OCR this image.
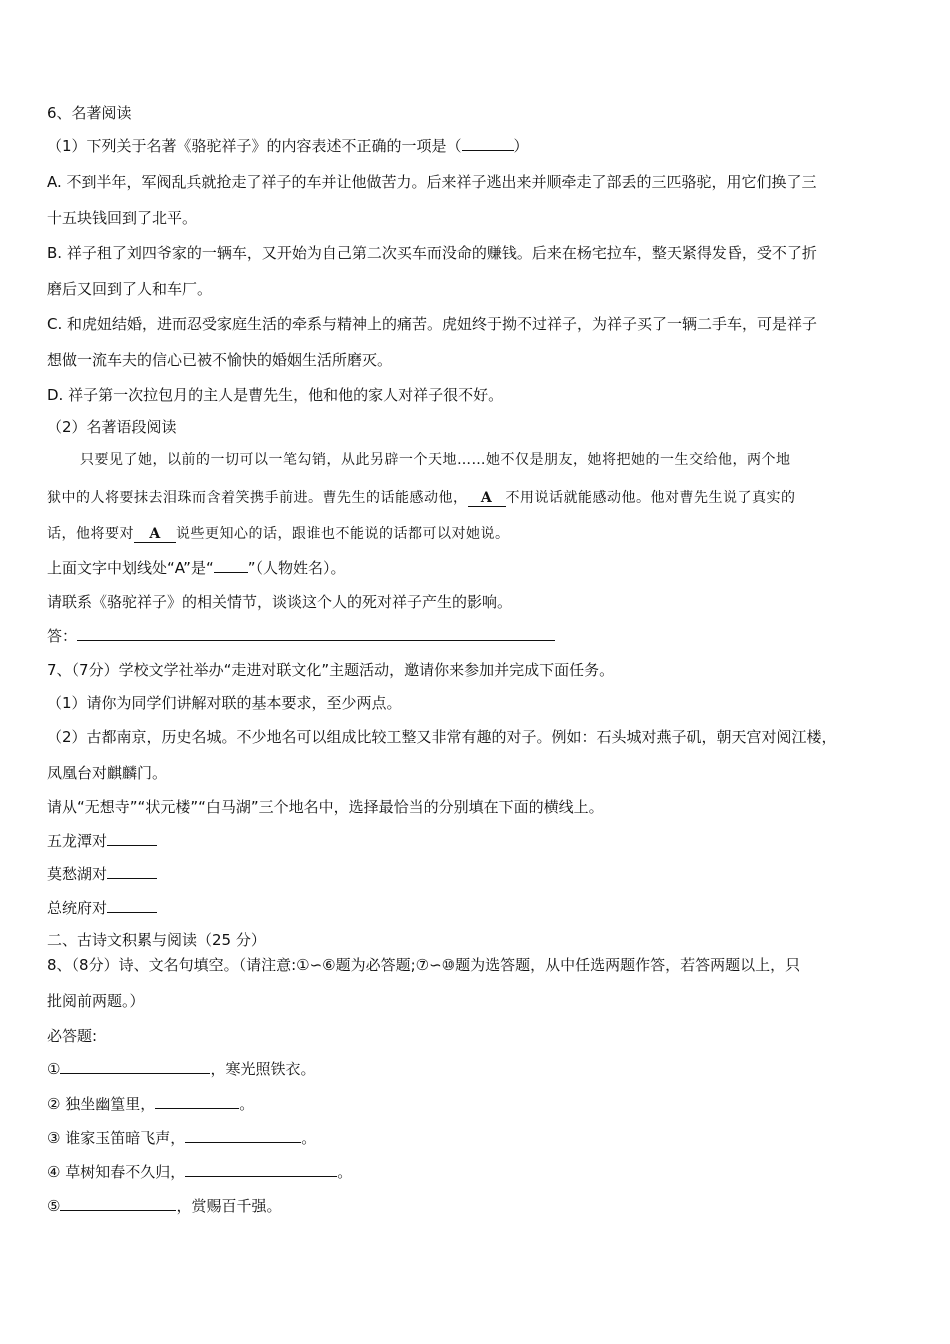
6、名著阅读
（1）下列关于名著《骆驼祥子》的内容表述不正确的一项是（	）
A. 不到半年，军阀乱兵就抢走了祥子的车并让他做苦力。后来祥子逃出来并顺牵走了部丢的三匹骆驼，用它们换了三
十五块钱回到了北平。
B. 祥子租了刘四爷家的一辆车，又开始为自己第二次买车而没命的赚钱。后来在杨宅拉车，整天紧得发昏，受不了折
磨后又回到了人和车厂。
C. 和虎妞结婚，进而忍受家庭生活的牵系与精神上的痛苦。虎妞终于拗不过祥子，为祥子买了一辆二手车，可是祥子
想做一流车夫的信心已被不愉快的婚姻生活所磨灭。
D. 祥子第一次拉包月的主人是曹先生，他和他的家人对祥子很不好。
（2）名著语段阅读
只要见了她，以前的一切可以一笔勾销，从此另辟一个天地……她不仅是朋友，她将把她的一生交给他，两个地
狱中的人将要抹去泪珠而含着笑携手前进。曹先生的话能感动他， A 不用说话就能感动他。他对曹先生说了真实的
话，他将要对 A 说些更知心的话，跟谁也不能说的话都可以对她说。
上面文字中划线处“A”是“ ”（人物姓名）。
请联系《骆驼祥子》的相关情节，谈谈这个人的死对祥子产生的影响。
答：
7、（7分）学校文学社举办“走进对联文化”主题活动，邀请你来参加并完成下面任务。
（1）请你为同学们讲解对联的基本要求，至少两点。
（2）古都南京，历史名城。不少地名可以组成比较工整又非常有趣的对子。例如：石头城对燕子矶，朝天宫对阅江楼，
凤凰台对麒麟门。
请从“无想寺”“状元楼”“白马湖”三个地名中，选择最恰当的分别填在下面的横线上。
五龙潭对
莫愁湖对
总统府对
二、古诗文积累与阅读（25 分）
8、（8分）诗、文名句填空。（请注意:①∽⑥题为必答题;⑦∽⑩题为选答题，从中任选两题作答，若答两题以上，只
批阅前两题。）
必答题:
①	，寒光照铁衣。
② 独坐幽篁里，	。
③ 谁家玉笛暗飞声，	。
④ 草树知春不久归，	。
⑤	，赏赐百千强。
